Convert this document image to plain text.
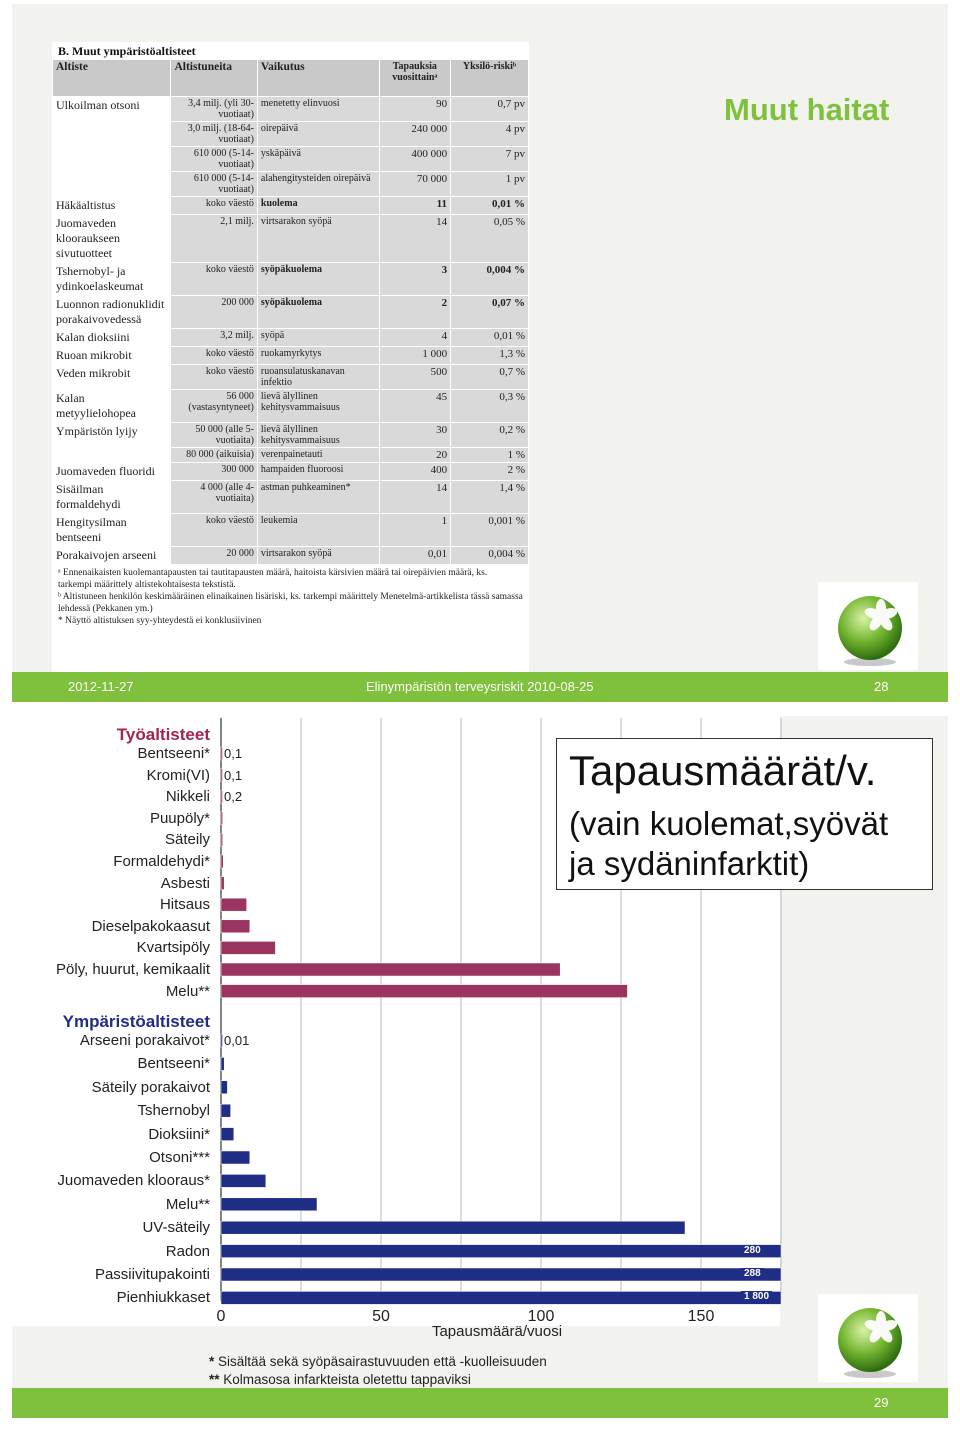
B. Muut ympäristöaltisteet
Altiste	Altistuneita	Vaikutus	Tapauksia vuosittainᵃ	Yksilö-riskiᵇ
Ulkoilman otsoni	3,4 milj. (yli 30-vuotiaat)	menetetty elinvuosi	90	0,7 pv
	3,0 milj. (18-64-vuotiaat)	oirepäivä	240 000	4 pv
	610 000 (5-14-vuotiaat)	yskäpäivä	400 000	7 pv
	610 000 (5-14-vuotiaat)	alahengitysteiden oirepäivä	70 000	1 pv
Häkäaltistus	koko väestö	kuolema	11	0,01 %
Juomaveden klooraukseen sivutuotteet	2,1 milj.	virtsarakon syöpä	14	0,05 %
Tshernobyl- ja ydinkoelaskeumat	koko väestö	syöpäkuolema	3	0,004 %
Luonnon radionuklidit porakaivovedessä	200 000	syöpäkuolema	2	0,07 %
Kalan dioksiini	3,2 milj.	syöpä	4	0,01 %
Ruoan mikrobit	koko väestö	ruokamyrkytys	1 000	1,3 %
Veden mikrobit	koko väestö	ruoansulatuskanavan infektio	500	0,7 %
Kalan metyylielohopea	56 000 (vastasyntyneet)	lievä älyllinen kehitysvammaisuus	45	0,3 %
Ympäristön lyijy	50 000 (alle 5-vuotiaita)	lievä älyllinen kehitysvammaisuus	30	0,2 %
	80 000 (aikuisia)	verenpainetauti	20	1 %
Juomaveden fluoridi	300 000	hampaiden fluoroosi	400	2 %
Sisäilman formaldehydi	4 000 (alle 4-vuotiaita)	astman puhkeaminen*	14	1,4 %
Hengitysilman bentseeni	koko väestö	leukemia	1	0,001 %
Porakaivojen arseeni	20 000	virtsarakon syöpä	0,01	0,004 %
ᵃ Ennenaikaisten kuolemantapausten tai tautitapausten määrä, haitoista kärsivien määrä tai oirepäivien määrä, ks. tarkempi määrittely altistekohtaisesta tekstistä.
ᵇ Altistuneen henkilön keskimääräinen elinaikainen lisäriski, ks. tarkempi määrittely Menetelmä-artikkelista tässä samassa lehdessä (Pekkanen ym.)
* Näyttö altistuksen syy-yhteydestä ei konklusiivinen
Muut haitat
2012-11-27	Elinympäristön terveysriskit 2010-08-25	28
0	50	100	150
Tapausmäärä/vuosi
Työaltisteet
Bentseeni*
Kromi(VI)
Nikkeli
Puupöly*
Säteily
Formaldehydi*
Asbesti
Hitsaus
Dieselpakokaasut
Kvartsipöly
Pöly, huurut, kemikaalit
Melu**
Ympäristöaltisteet
Arseeni porakaivot*
Bentseeni*
Säteily porakaivot
Tshernobyl
Dioksiini*
Otsoni***
Juomaveden klooraus*
Melu**
UV-säteily
Radon
Passiivitupakointi
Pienhiukkaset
0,1
0,1
0,2
0,01
280
288
1 800
Tapausmäärät/v.
(vain kuolemat,syövät
ja sydäninfarktit)
* Sisältää sekä syöpäsairastuvuuden että -kuolleisuuden
** Kolmasosa infarkteista oletettu tappaviksi
29
